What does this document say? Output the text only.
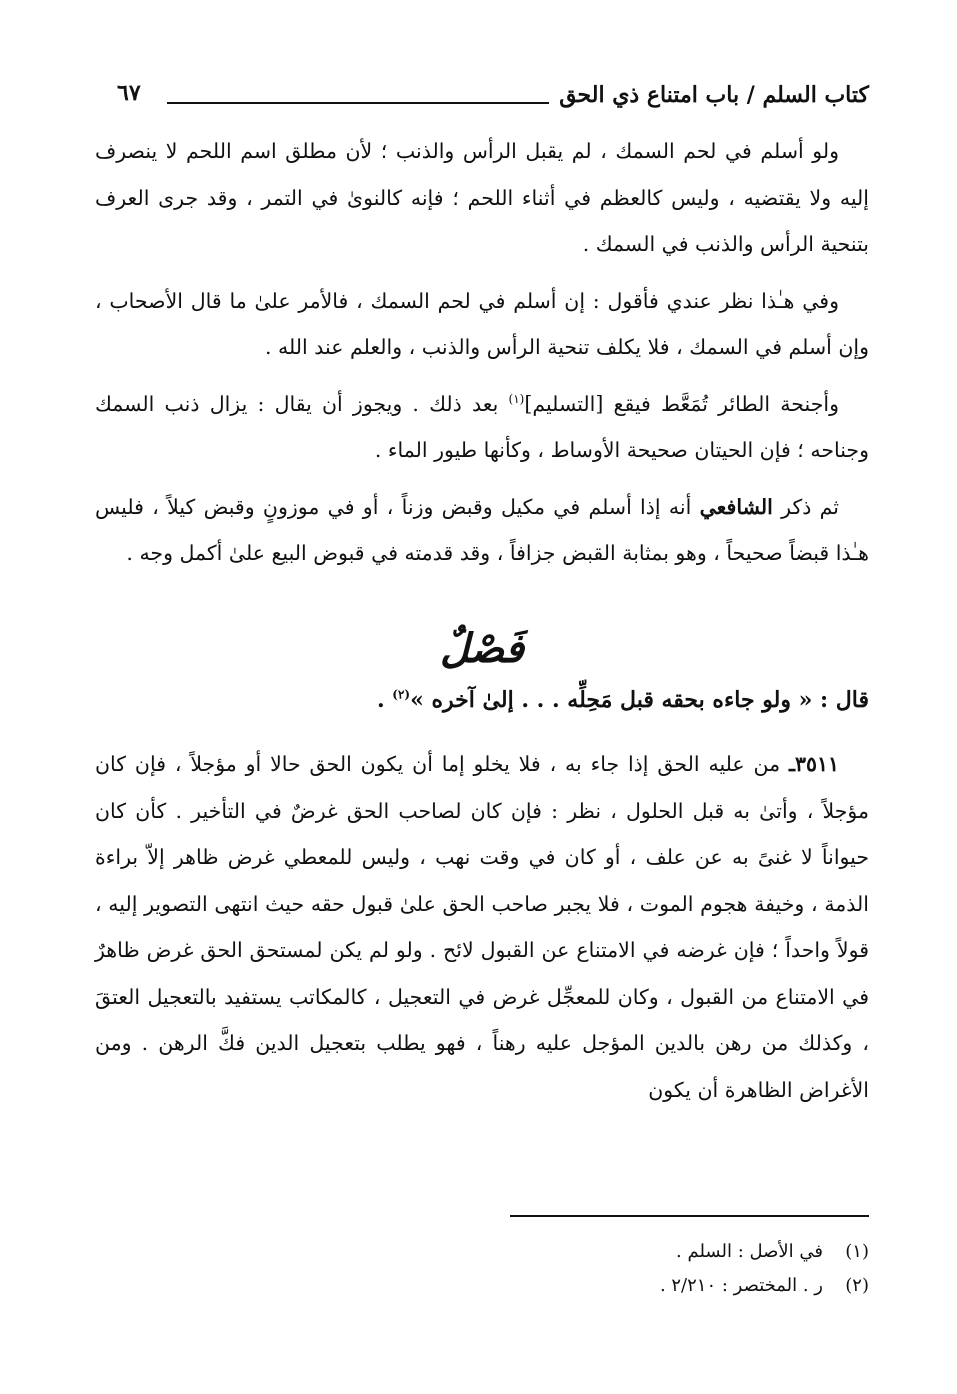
كتاب السلم / باب امتناع ذي الحق
٦٧

ولو أسلم في لحم السمك ، لم يقبل الرأس والذنب ؛ لأن مطلق اسم اللحم لا ينصرف إليه ولا يقتضيه ، وليس كالعظم في أثناء اللحم ؛ فإنه كالنوىٰ في التمر ، وقد جرى العرف بتنحية الرأس والذنب في السمك .

وفي هـٰذا نظر عندي فأقول : إن أسلم في لحم السمك ، فالأمر علىٰ ما قال الأصحاب ، وإن أسلم في السمك ، فلا يكلف تنحية الرأس والذنب ، والعلم عند الله .

وأجنحة الطائر تُمَعَّط فيقع [التسليم]$^{(١)}$ بعد ذلك . ويجوز أن يقال : يزال ذنب السمك وجناحه ؛ فإن الحيتان صحيحة الأوساط ، وكأنها طيور الماء .

ثم ذكر الشافعي أنه إذا أسلم في مكيل وقبض وزناً ، أو في موزونٍ وقبض كيلاً ، فليس هـٰذا قبضاً صحيحاً ، وهو بمثابة القبض جزافاً ، وقد قدمته في قبوض البيع علىٰ أكمل وجه .

فَصْلٌ

قال : « ولو جاءه بحقه قبل مَحِلِّه . . . إلىٰ آخره »$^{(٢)}$ .

٣٥١١ـ من عليه الحق إذا جاء به ، فلا يخلو إما أن يكون الحق حالا أو مؤجلاً ، فإن كان مؤجلاً ، وأتىٰ به قبل الحلول ، نظر : فإن كان لصاحب الحق غرضٌ في التأخير . كأن كان حيواناً لا غنىً به عن علف ، أو كان في وقت نهب ، وليس للمعطي غرض ظاهر إلاّ براءة الذمة ، وخيفة هجوم الموت ، فلا يجبر صاحب الحق علىٰ قبول حقه حيث انتهى التصوير إليه ، قولاً واحداً ؛ فإن غرضه في الامتناع عن القبول لائح . ولو لم يكن لمستحق الحق غرض ظاهرٌ في الامتناع من القبول ، وكان للمعجِّل غرض في التعجيل ، كالمكاتب يستفيد بالتعجيل العتقَ ، وكذلك من رهن بالدين المؤجل عليه رهناً ، فهو يطلب بتعجيل الدين فكَّ الرهن . ومن الأغراض الظاهرة أن يكون

(١)في الأصل : السلم .

(٢)ر . المختصر : ٢/٢١٠ .
